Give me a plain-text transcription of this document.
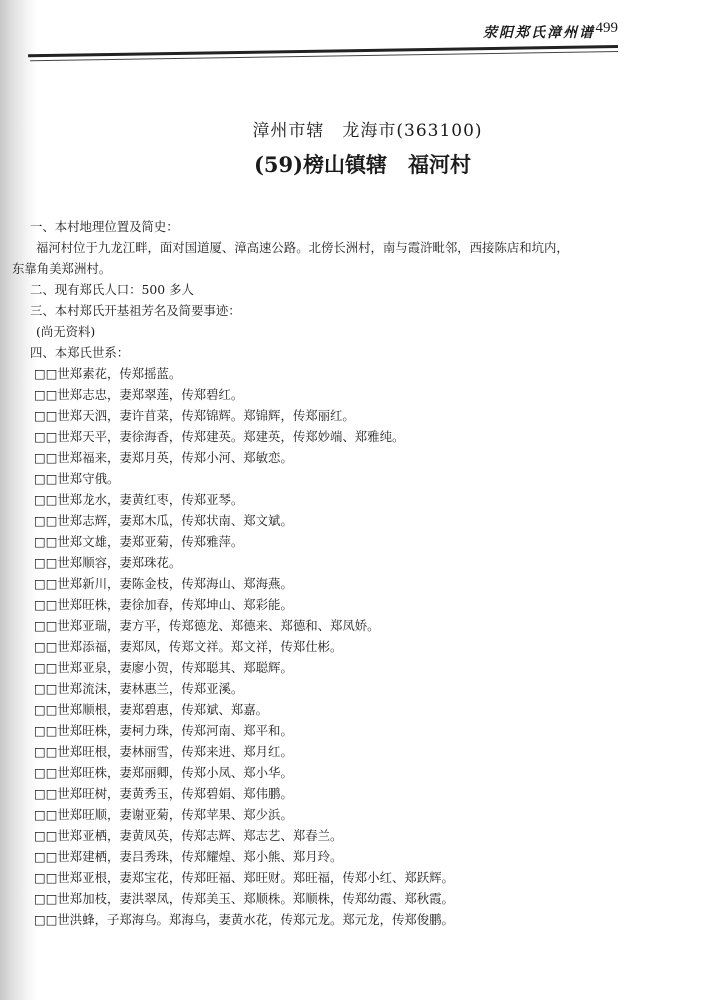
荥阳郑氏漳州谱 499
漳州市辖　龙海市(363100)
(59)榜山镇辖　福河村
一、本村地理位置及简史：
福河村位于九龙江畔，面对国道厦、漳高速公路。北傍长洲村，南与霞浒毗邻，西接陈店和坑内，
东靠角美郑洲村。
二、现有郑氏人口：500 多人
三、本村郑氏开基祖芳名及简要事迹：
(尚无资料)
四、本郑氏世系：
□□世郑素花，传郑摇蓝。
□□世郑志忠，妻郑翠莲，传郑碧红。
□□世郑天泗，妻许苜菜，传郑锦辉。郑锦辉，传郑丽红。
□□世郑天平，妻徐海香，传郑建英。郑建英，传郑妙端、郑雅纯。
□□世郑福来，妻郑月英，传郑小河、郑敏恋。
□□世郑守俄。
□□世郑龙水，妻黄红枣，传郑亚琴。
□□世郑志辉，妻郑木瓜，传郑状南、郑文斌。
□□世郑文雄，妻郑亚菊，传郑雅萍。
□□世郑顺容，妻郑珠花。
□□世郑新川，妻陈金枝，传郑海山、郑海燕。
□□世郑旺株，妻徐加春，传郑坤山、郑彩能。
□□世郑亚瑞，妻方平，传郑德龙、郑德来、郑德和、郑凤娇。
□□世郑添福，妻郑凤，传郑文祥。郑文祥，传郑仕彬。
□□世郑亚泉，妻廖小贺，传郑聪其、郑聪辉。
□□世郑流沫，妻林惠兰，传郑亚溪。
□□世郑顺根，妻郑碧惠，传郑斌、郑嘉。
□□世郑旺株，妻柯力珠，传郑河南、郑平和。
□□世郑旺根，妻林丽雪，传郑来进、郑月红。
□□世郑旺株，妻郑丽卿，传郑小凤、郑小华。
□□世郑旺树，妻黄秀玉，传郑碧娟、郑伟鹏。
□□世郑旺顺，妻谢亚菊，传郑苹果、郑少浜。
□□世郑亚栖，妻黄凤英，传郑志辉、郑志艺、郑春兰。
□□世郑建栖，妻吕秀珠，传郑耀煌、郑小熊、郑月玲。
□□世郑亚根，妻郑宝花，传郑旺福、郑旺财。郑旺福，传郑小红、郑跃辉。
□□世郑加枝，妻洪翠凤，传郑美玉、郑顺株。郑顺株，传郑幼霞、郑秋霞。
□□世洪蜂，子郑海乌。郑海乌，妻黄水花，传郑元龙。郑元龙，传郑俊鹏。
